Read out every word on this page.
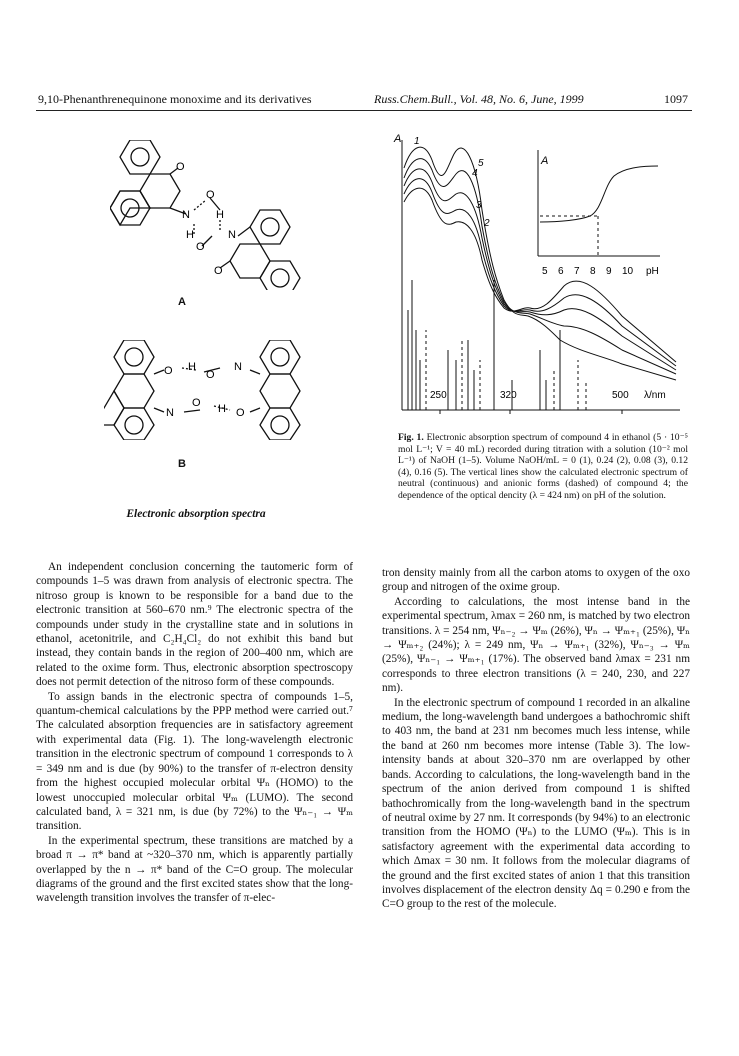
9,10-Phenanthrenequinone monoxime and its derivatives	Russ.Chem.Bull., Vol. 48, No. 6, June, 1999	1097
O
N
O
H
H
O
N
O
A
O H
O
N
N
O H O
B
Electronic absorption spectra
A
250	320	500 λ/nm
A
5 6 7 8 9 10 pH
1
2
3
4
5
Fig. 1. Electronic absorption spectrum of compound 4 in ethanol (5 · 10⁻⁵ mol L⁻¹; V = 40 mL) recorded during titration with a solution (10⁻² mol L⁻¹) of NaOH (1–5). Volume NaOH/mL = 0 (1), 0.24 (2), 0.08 (3), 0.12 (4), 0.16 (5). The vertical lines show the calculated electronic spectrum of neutral (continuous) and anionic forms (dashed) of compound 4; the dependence of the optical dencity (λ = 424 nm) on pH of the solution.

An independent conclusion concerning the tautomeric form of compounds 1–5 was drawn from analysis of electronic spectra. The nitroso group is known to be responsible for a band due to the electronic transition at 560–670 nm.⁹ The electronic spectra of the compounds under study in the crystalline state and in solutions in ethanol, acetonitrile, and C₂H₄Cl₂ do not exhibit this band but instead, they contain bands in the region of 200–400 nm, which are related to the oxime form. Thus, electronic absorption spectroscopy does not permit detection of the nitroso form of these compounds.

To assign bands in the electronic spectra of compounds 1–5, quantum-chemical calculations by the PPP method were carried out.⁷ The calculated absorption frequencies are in satisfactory agreement with experimental data (Fig. 1). The long-wavelength electronic transition in the electronic spectrum of compound 1 corresponds to λ = 349 nm and is due (by 90%) to the transfer of π-electron density from the highest occupied molecular orbital Ψₙ (HOMO) to the lowest unoccupied molecular orbital Ψₘ (LUMO). The second calculated band, λ = 321 nm, is due (by 72%) to the Ψₙ₋₁ → Ψₘ transition.

In the experimental spectrum, these transitions are matched by a broad π → π* band at ~320–370 nm, which is apparently partially overlapped by the n → π* band of the C=O group. The molecular diagrams of the ground and the first excited states show that the long-wavelength transition involves the transfer of π-elec-

tron density mainly from all the carbon atoms to oxygen of the oxo group and nitrogen of the oxime group.

According to calculations, the most intense band in the experimental spectrum, λmax = 260 nm, is matched by two electron transitions. λ = 254 nm, Ψₙ₋₂ → Ψₘ (26%), Ψₙ → Ψₘ₊₁ (25%), Ψₙ → Ψₘ₊₂ (24%); λ = 249 nm, Ψₙ → Ψₘ₊₁ (32%), Ψₙ₋₃ → Ψₘ (25%), Ψₙ₋₁ → Ψₘ₊₁ (17%). The observed band λmax = 231 nm corresponds to three electron transitions (λ = 240, 230, and 227 nm).

In the electronic spectrum of compound 1 recorded in an alkaline medium, the long-wavelength band undergoes a bathochromic shift to 403 nm, the band at 231 nm becomes much less intense, while the band at 260 nm becomes more intense (Table 3). The low-intensity bands at about 320–370 nm are overlapped by other bands. According to calculations, the long-wavelength band in the spectrum of the anion derived from compound 1 is shifted bathochromically from the long-wavelength band in the spectrum of neutral oxime by 27 nm. It corresponds (by 94%) to an electronic transition from the HOMO (Ψₙ) to the LUMO (Ψₘ). This is in satisfactory agreement with the experimental data according to which Δmax = 30 nm. It follows from the molecular diagrams of the ground and the first excited states of anion 1 that this transition involves displacement of the electron density Δq = 0.290 e from the C=O group to the rest of the molecule.
